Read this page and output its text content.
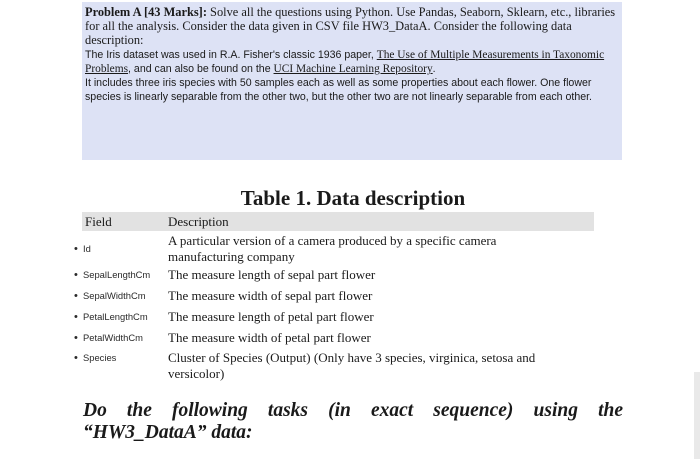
Problem A [43 Marks]: Solve all the questions using Python. Use Pandas, Seaborn, Sklearn, etc., libraries for all the analysis. Consider the data given in CSV file HW3_DataA. Consider the following data description:

The Iris dataset was used in R.A. Fisher's classic 1936 paper, The Use of Multiple Measurements in Taxonomic Problems, and can also be found on the UCI Machine Learning Repository.

It includes three iris species with 50 samples each as well as some properties about each flower. One flower species is linearly separable from the other two, but the other two are not linearly separable from each other.

Table 1. Data description
Field	Description
• Id
A particular version of a camera produced by a specific camera manufacturing company
• SepalLengthCm The measure length of sepal part flower
• SepalWidthCm The measure width of sepal part flower
• PetalLengthCm The measure length of petal part flower
• PetalWidthCm The measure width of petal part flower
• Species	Cluster of Species (Output) (Only have 3 species, virginica, setosa and versicolor)
Do the following tasks (in exact sequence) using the
“HW3_DataA” data:
